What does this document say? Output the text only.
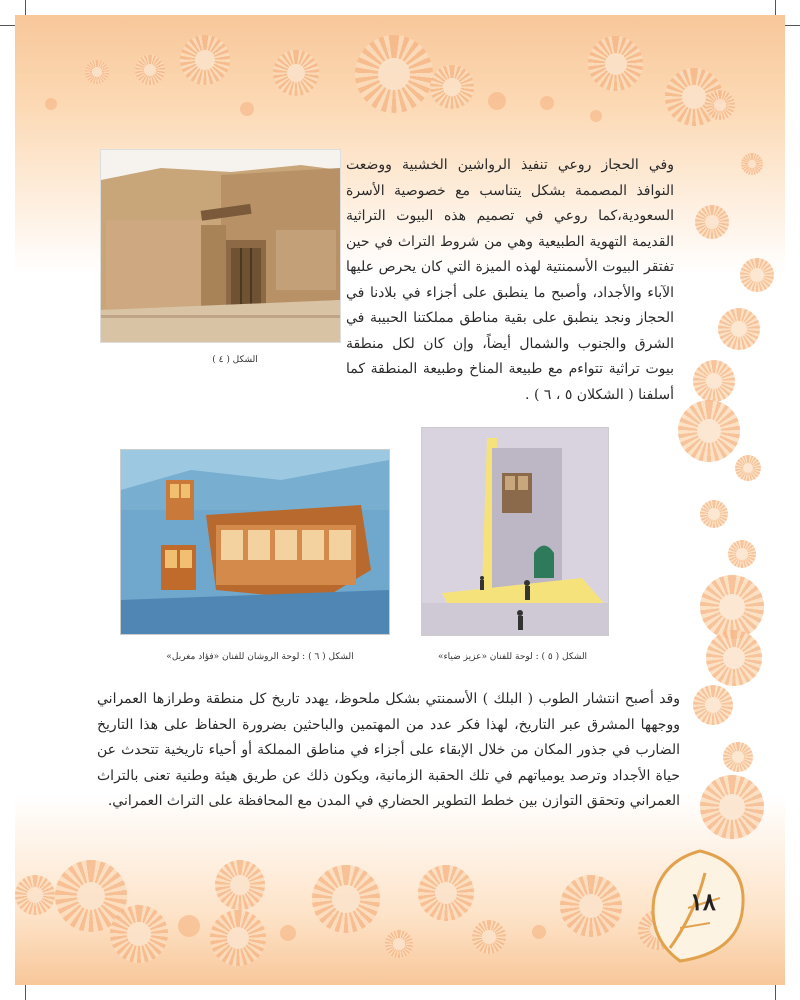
الشكل ( ٤ )

وفي الحجاز روعي تنفيذ الرواشين الخشبية ووضعت النوافذ المصممة بشكل يتناسب مع خصوصية الأسرة السعودية،كما روعي في تصميم هذه البيوت التراثية القديمة التهوية الطبيعية وهي من شروط التراث في حين تفتقر البيوت الأسمنتية لهذه الميزة التي كان يحرص عليها الآباء والأجداد، وأصبح ما ينطبق على أجزاء في بلادنا في الحجاز ونجد ينطبق على بقية مناطق مملكتنا الحبيبة في الشرق والجنوب والشمال أيضاً، وإن كان لكل منطقة بيوت تراثية تتواءم مع طبيعة المناخ وطبيعة المنطقة كما أسلفنا ( الشكلان ٥ ، ٦ ) .

الشكل ( ٦ ) : لوحة الروشان للفنان «فؤاد مغربل»	الشكل ( ٥ ) : لوحة للفنان «عزيز ضياء»

وقد أصبح انتشار الطوب ( البلك ) الأسمنتي بشكل ملحوظ، يهدد تاريخ كل منطقة وطرازها العمراني ووجهها المشرق عبر التاريخ، لهذا فكر عدد من المهتمين والباحثين بضرورة الحفاظ على هذا التاريخ الضارب في جذور المكان من خلال الإبقاء على أجزاء في مناطق المملكة أو أحياء تاريخية تتحدث عن حياة الأجداد وترصد يومياتهم في تلك الحقبة الزمانية، ويكون ذلك عن طريق هيئة وطنية تعنى بالتراث العمراني وتحقق التوازن بين خطط التطوير الحضاري في المدن مع المحافظة على التراث العمراني.

١٨
